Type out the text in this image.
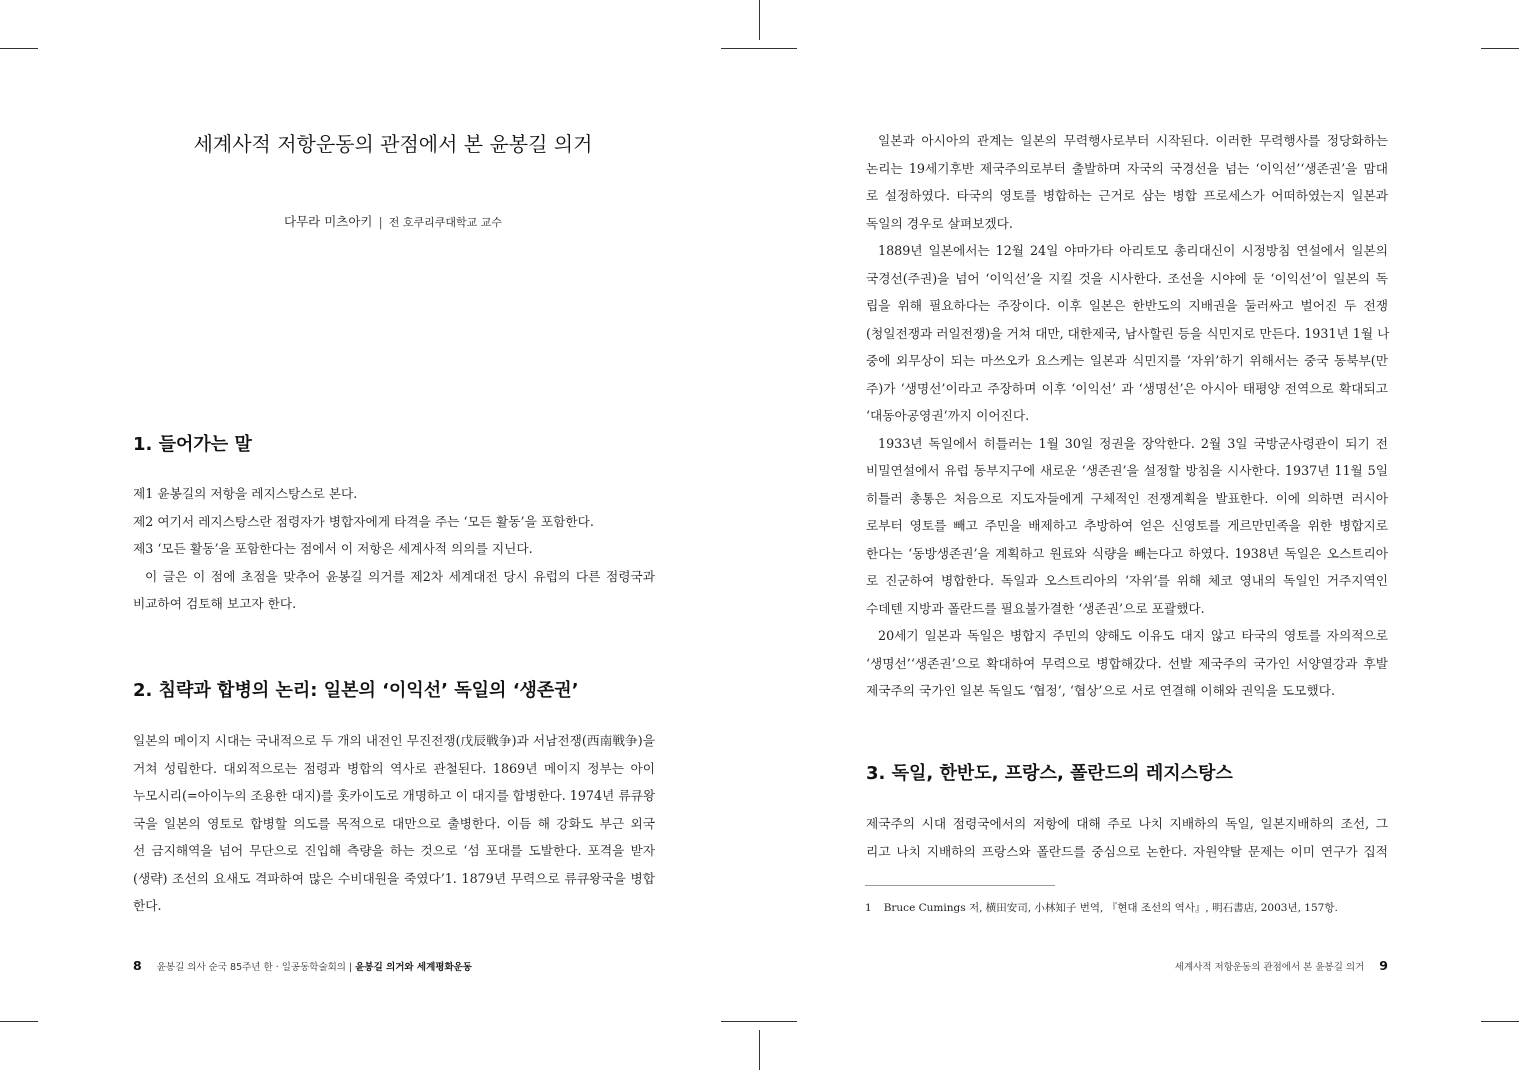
세계사적 저항운동의 관점에서 본 윤봉길 의거
다무라 미츠아키 | 전 호쿠리쿠대학교 교수
1. 들어가는 말
제1 윤봉길의 저항을 레지스탕스로 본다.
제2 여기서 레지스탕스란 점령자가 병합자에게 타격을 주는 ‘모든 활동’을 포함한다.
제3 ‘모든 활동’을 포함한다는 점에서 이 저항은 세계사적 의의를 지닌다.
이 글은 이 점에 초점을 맞추어 윤봉길 의거를 제2차 세계대전 당시 유럽의 다른 점령국과
비교하여 검토해 보고자 한다.
2. 침략과 합병의 논리: 일본의 ‘이익선’ 독일의 ‘생존권’
일본의 메이지 시대는 국내적으로 두 개의 내전인 무진전쟁(戊辰戦争)과 서남전쟁(西南戦争)을
거쳐 성립한다. 대외적으로는 점령과 병합의 역사로 관철된다. 1869년 메이지 정부는 아이
누모시리(=아이누의 조용한 대지)를 홋카이도로 개명하고 이 대지를 합병한다. 1974년 류큐왕
국을 일본의 영토로 합병할 의도를 목적으로 대만으로 출병한다. 이듬 해 강화도 부근 외국
선 금지해역을 넘어 무단으로 진입해 측량을 하는 것으로 ‘섬 포대를 도발한다. 포격을 받자
(생략) 조선의 요새도 격파하여 많은 수비대원을 죽였다’1. 1879년 무력으로 류큐왕국을 병합
한다.
8 윤봉길 의사 순국 85주년 한 · 일공동학술회의 | 윤봉길 의거와 세계평화운동
일본과 아시아의 관계는 일본의 무력행사로부터 시작된다. 이러한 무력행사를 정당화하는
논리는 19세기후반 제국주의로부터 출발하며 자국의 국경선을 넘는 ‘이익선’‘생존권’을 맘대
로 설정하였다. 타국의 영토를 병합하는 근거로 삼는 병합 프로세스가 어떠하였는지 일본과
독일의 경우로 살펴보겠다.
1889년 일본에서는 12월 24일 야마가타 아리토모 총리대신이 시정방침 연설에서 일본의
국경선(주권)을 넘어 ‘이익선’을 지킬 것을 시사한다. 조선을 시야에 둔 ‘이익선’이 일본의 독
립을 위해 필요하다는 주장이다. 이후 일본은 한반도의 지배권을 둘러싸고 벌어진 두 전쟁
(청일전쟁과 러일전쟁)을 거쳐 대만, 대한제국, 남사할린 등을 식민지로 만든다. 1931년 1월 나
중에 외무상이 되는 마쓰오카 요스케는 일본과 식민지를 ‘자위’하기 위해서는 중국 동북부(만
주)가 ‘생명선’이라고 주장하며 이후 ‘이익선’ 과 ‘생명선’은 아시아 태평양 전역으로 확대되고
‘대동아공영권’까지 이어진다.
1933년 독일에서 히틀러는 1월 30일 정권을 장악한다. 2월 3일 국방군사령관이 되기 전
비밀연설에서 유럽 동부지구에 새로운 ‘생존권’을 설정할 방침을 시사한다. 1937년 11월 5일
히틀러 총통은 처음으로 지도자들에게 구체적인 전쟁계획을 발표한다. 이에 의하면 러시아
로부터 영토를 빼고 주민을 배제하고 추방하여 얻은 신영토를 게르만민족을 위한 병합지로
한다는 ‘동방생존권’을 계획하고 원료와 식량을 빼는다고 하였다. 1938년 독일은 오스트리아
로 진군하여 병합한다. 독일과 오스트리아의 ‘자위’를 위해 체코 영내의 독일인 거주지역인
수데텐 지방과 폴란드를 필요불가결한 ‘생존권’으로 포괄했다.
20세기 일본과 독일은 병합지 주민의 양해도 이유도 대지 않고 타국의 영토를 자의적으로
‘생명선’‘생존권’으로 확대하여 무력으로 병합해갔다. 선발 제국주의 국가인 서양열강과 후발
제국주의 국가인 일본 독일도 ‘협정’, ‘협상’으로 서로 연결해 이해와 권익을 도모했다.
3. 독일, 한반도, 프랑스, 폴란드의 레지스탕스
제국주의 시대 점령국에서의 저항에 대해 주로 나치 지배하의 독일, 일본지배하의 조선, 그
리고 나치 지배하의 프랑스와 폴란드를 중심으로 논한다. 자원약탈 문제는 이미 연구가 집적
1 Bruce Cumings 저, 横田安司, 小林知子 번역, 『현대 조선의 역사』, 明石書店, 2003년, 157항.
세계사적 저항운동의 관점에서 본 윤봉길 의거 9
